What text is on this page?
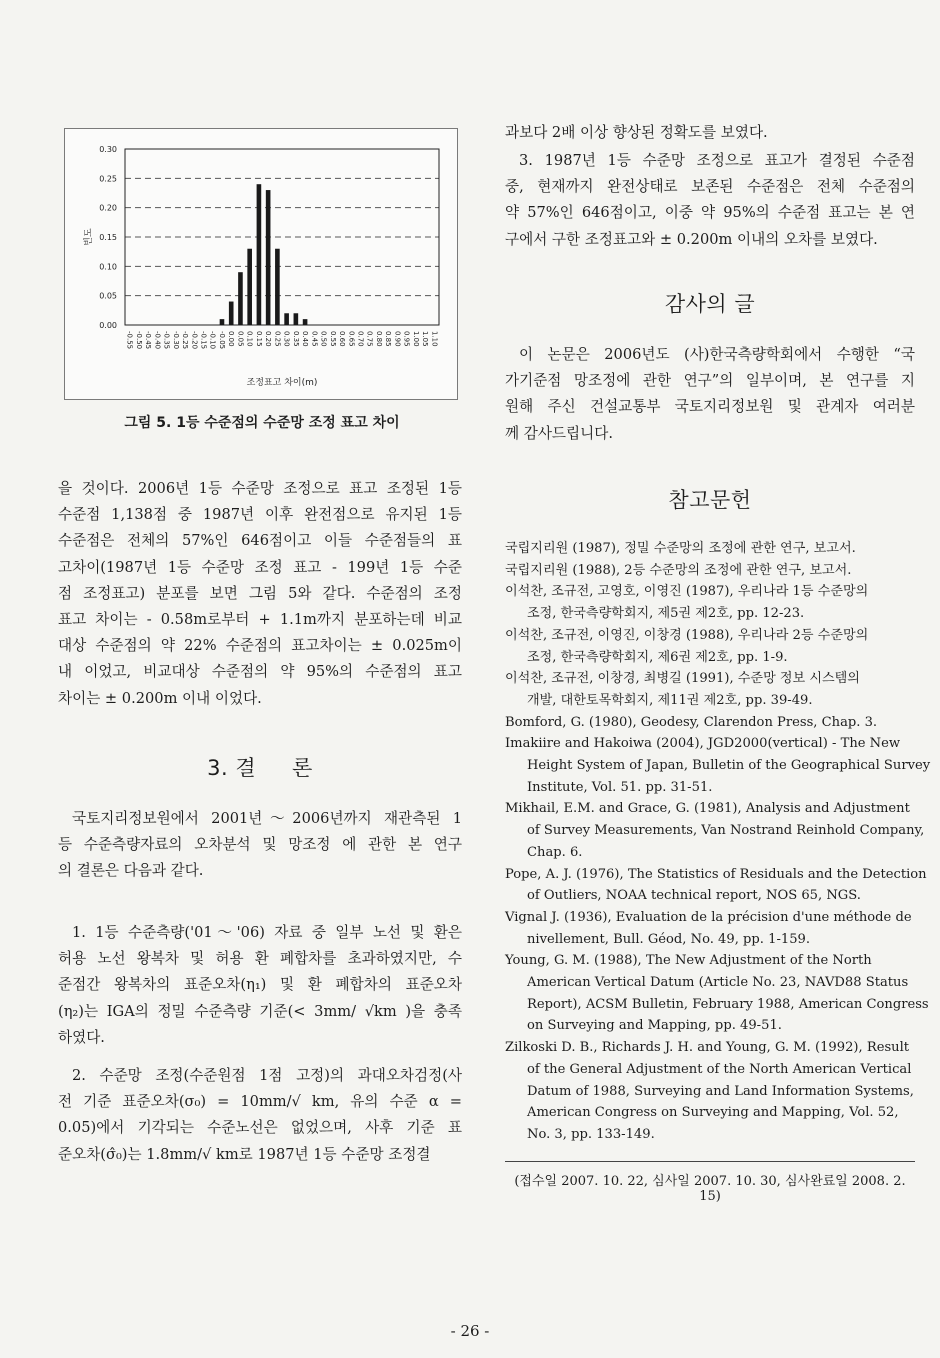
0.30
0.25
0.20
0.15
0.10
0.05
0.00
-0.55 -0.50 -0.45 -0.40 -0.35 -0.30 -0.25 -0.20 -0.15 -0.10 -0.05 0.00 0.05 0.10 0.15 0.20 0.25 0.30 0.35 0.40 0.45 0.50 0.55 0.60 0.65 0.70 0.75 0.80 0.85 0.90 0.95 1.00 1.05 1.10
빈도
조정표고 차이(m)
그림 5. 1등 수준점의 수준망 조정 표고 차이
을 것이다. 2006년 1등 수준망 조정으로 표고 조정된 1등
수준점 1,138점 중 1987년 이후 완전점으로 유지된 1등
수준점은 전체의 57%인 646점이고 이들 수준점들의 표
고차이(1987년 1등 수준망 조정 표고 - 199년 1등 수준
점 조정표고) 분포를 보면 그림 5와 같다. 수준점의 조정
표고 차이는 - 0.58m로부터 + 1.1m까지 분포하는데 비교
대상 수준점의 약 22% 수준점의 표고차이는 ± 0.025m이
내 이었고, 비교대상 수준점의 약 95%의 수준점의 표고
차이는 ± 0.200m 이내 이었다.
3. 결     론
국토지리정보원에서 2001년～2006년까지 재관측된 1
등 수준측량자료의 오차분석 및 망조정 에 관한 본 연구
의 결론은 다음과 같다.
1. 1등 수준측량('01～'06) 자료 중 일부 노선 및 환은
허용 노선 왕복차 및 허용 환 폐합차를 초과하였지만, 수
준점간 왕복차의 표준오차(η₁) 및 환 폐합차의 표준오차
(η₂)는 IGA의 정밀 수준측량 기준(< 3mm/ √km )을 충족
하였다.
2. 수준망 조정(수준원점 1점 고정)의 과대오차검정(사
전 기준 표준오차(σ₀) = 10mm/√ km, 유의 수준 α =
0.05)에서 기각되는 수준노선은 없었으며, 사후 기준 표
준오차(σ̂₀)는 1.8mm/√ km로 1987년 1등 수준망 조정결
과보다 2배 이상 향상된 정확도를 보였다.
3. 1987년 1등 수준망 조정으로 표고가 결정된 수준점
중, 현재까지 완전상태로 보존된 수준점은 전체 수준점의
약 57%인 646점이고, 이중 약 95%의 수준점 표고는 본 연
구에서 구한 조정표고와 ± 0.200m 이내의 오차를 보였다.
감사의 글
이 논문은 2006년도 (사)한국측량학회에서 수행한 “국
가기준점 망조정에 관한 연구”의 일부이며, 본 연구를 지
원해 주신 건설교통부 국토지리정보원 및 관계자 여러분
께 감사드립니다.
참고문헌
국립지리원 (1987), 정밀 수준망의 조정에 관한 연구, 보고서.
국립지리원 (1988), 2등 수준망의 조정에 관한 연구, 보고서.
이석찬, 조규전, 고영호, 이영진 (1987), 우리나라 1등 수준망의
조정, 한국측량학회지, 제5권 제2호, pp. 12-23.
이석찬, 조규전, 이영진, 이창경 (1988), 우리나라 2등 수준망의
조정, 한국측량학회지, 제6권 제2호, pp. 1-9.
이석찬, 조규전, 이창경, 최병길 (1991), 수준망 정보 시스템의
개발, 대한토목학회지, 제11권 제2호, pp. 39-49.
Bomford, G. (1980), Geodesy, Clarendon Press, Chap. 3.
Imakiire and Hakoiwa (2004), JGD2000(vertical) - The New
Height System of Japan, Bulletin of the Geographical Survey
Institute, Vol. 51. pp. 31-51.
Mikhail, E.M. and Grace, G. (1981), Analysis and Adjustment
of Survey Measurements, Van Nostrand Reinhold Company,
Chap. 6.
Pope, A. J. (1976), The Statistics of Residuals and the Detection
of Outliers, NOAA technical report, NOS 65, NGS.
Vignal J. (1936), Evaluation de la précision d'une méthode de
nivellement, Bull. Géod, No. 49, pp. 1-159.
Young, G. M. (1988), The New Adjustment of the North
American Vertical Datum (Article No. 23, NAVD88 Status
Report), ACSM Bulletin, February 1988, American Congress
on Surveying and Mapping, pp. 49-51.
Zilkoski D. B., Richards J. H. and Young, G. M. (1992), Result
of the General Adjustment of the North American Vertical
Datum of 1988, Surveying and Land Information Systems,
American Congress on Surveying and Mapping, Vol. 52,
No. 3, pp. 133-149.
(접수일 2007. 10. 22, 심사일 2007. 10. 30, 심사완료일 2008. 2. 15)
- 26 -
